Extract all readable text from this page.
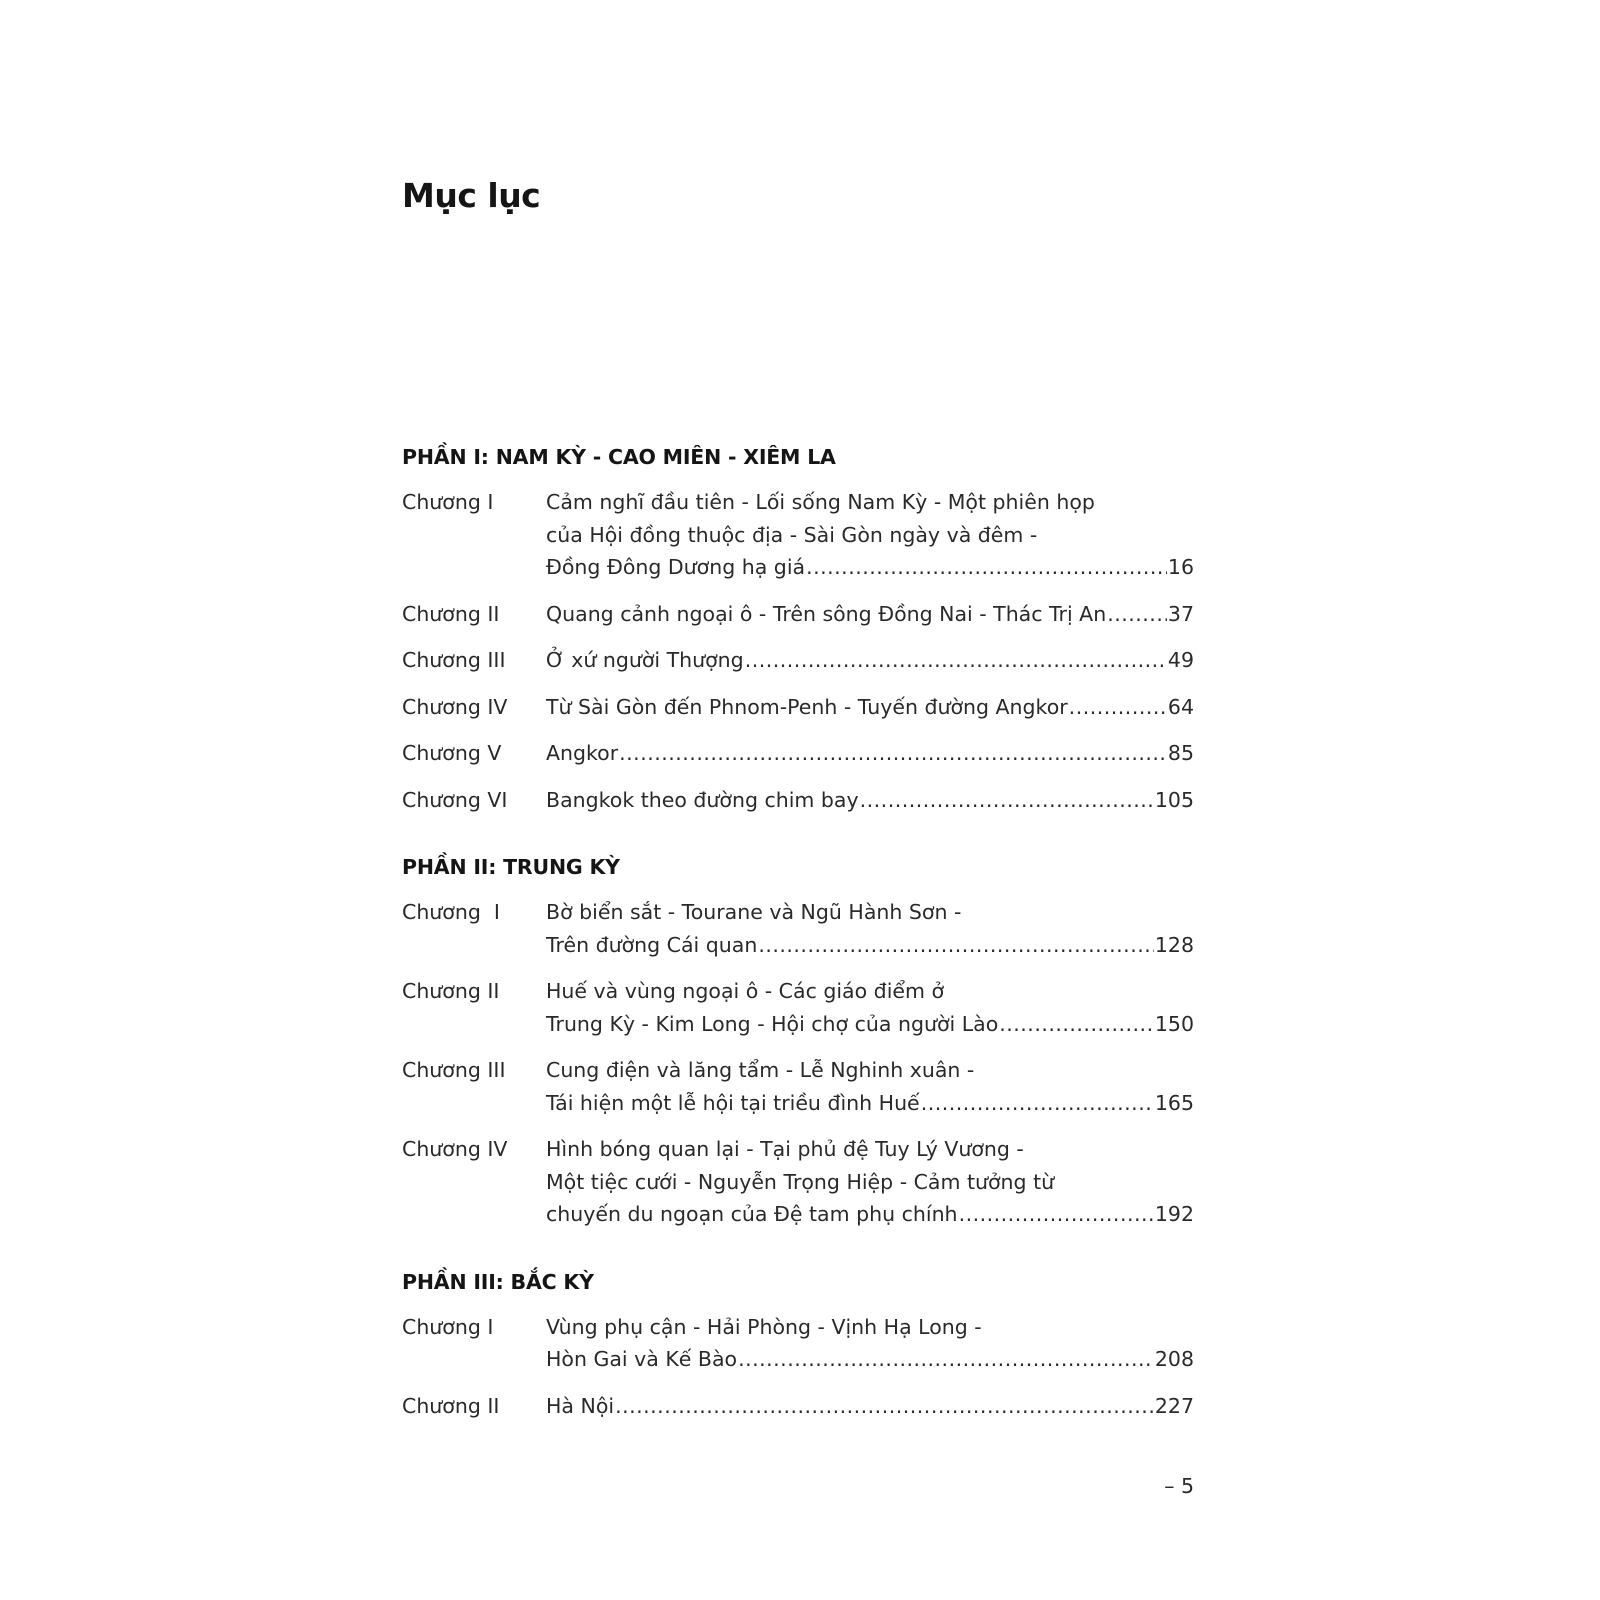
Mục lục
PHẦN I: NAM KỲ - CAO MIÊN - XIÊM LA
Chương I	Cảm nghĩ đầu tiên - Lối sống Nam Kỳ - Một phiên họp
của Hội đồng thuộc địa - Sài Gòn ngày và đêm -
Đồng Đông Dương hạ giá .....	16
Chương II	Quang cảnh ngoại ô - Trên sông Đồng Nai - Thác Trị An .....	37
Chương III	Ở xứ người Thượng .....	49
Chương IV	Từ Sài Gòn đến Phnom-Penh - Tuyến đường Angkor .....	64
Chương V	Angkor .....	85
Chương VI	Bangkok theo đường chim bay .....	105
PHẦN II: TRUNG KỲ
Chương  I	Bờ biển sắt - Tourane và Ngũ Hành Sơn -
Trên đường Cái quan .....	128
Chương II	Huế và vùng ngoại ô - Các giáo điểm ở
Trung Kỳ - Kim Long - Hội chợ của người Lào .....	150
Chương III	Cung điện và lăng tẩm - Lễ Nghinh xuân -
Tái hiện một lễ hội tại triều đình Huế .....	165
Chương IV	Hình bóng quan lại - Tại phủ đệ Tuy Lý Vương -
Một tiệc cưới - Nguyễn Trọng Hiệp - Cảm tưởng từ
chuyến du ngoạn của Đệ tam phụ chính .....	192
PHẦN III: BẮC KỲ
Chương I	Vùng phụ cận - Hải Phòng - Vịnh Hạ Long -
Hòn Gai và Kế Bào .....	208
Chương II	Hà Nội .....	227
– 5
